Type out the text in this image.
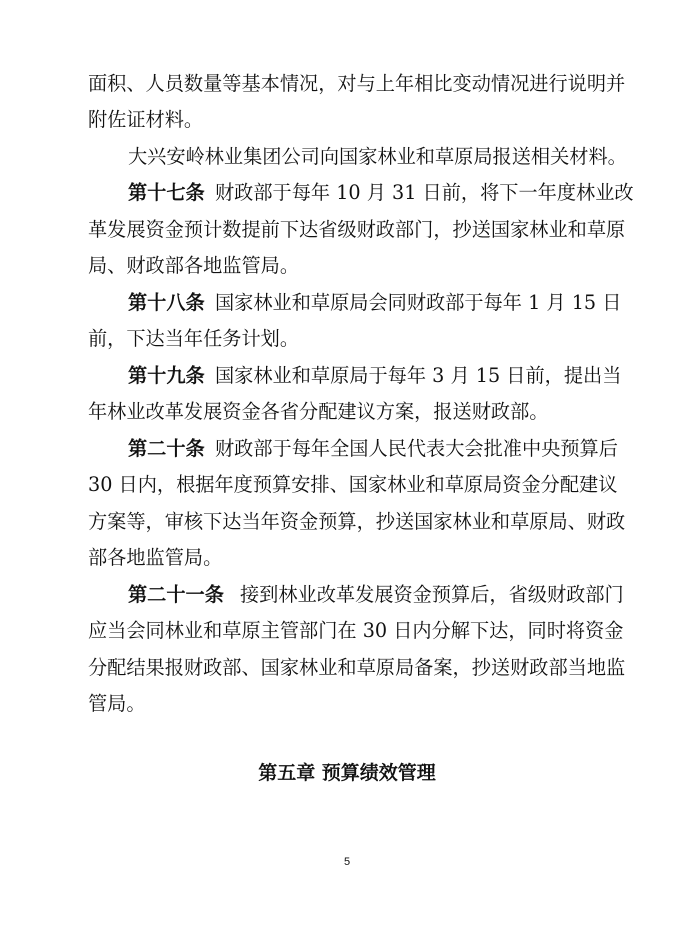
面积、人员数量等基本情况，对与上年相比变动情况进行说明并
附佐证材料。
大兴安岭林业集团公司向国家林业和草原局报送相关材料。
第十七条 财政部于每年 10 月 31 日前，将下一年度林业改
革发展资金预计数提前下达省级财政部门，抄送国家林业和草原
局、财政部各地监管局。
第十八条 国家林业和草原局会同财政部于每年 1 月 15 日
前，下达当年任务计划。
第十九条 国家林业和草原局于每年 3 月 15 日前，提出当
年林业改革发展资金各省分配建议方案，报送财政部。
第二十条 财政部于每年全国人民代表大会批准中央预算后
30 日内，根据年度预算安排、国家林业和草原局资金分配建议
方案等，审核下达当年资金预算，抄送国家林业和草原局、财政
部各地监管局。
第二十一条 接到林业改革发展资金预算后，省级财政部门
应当会同林业和草原主管部门在 30 日内分解下达，同时将资金
分配结果报财政部、国家林业和草原局备案，抄送财政部当地监
管局。
第五章 预算绩效管理
5
